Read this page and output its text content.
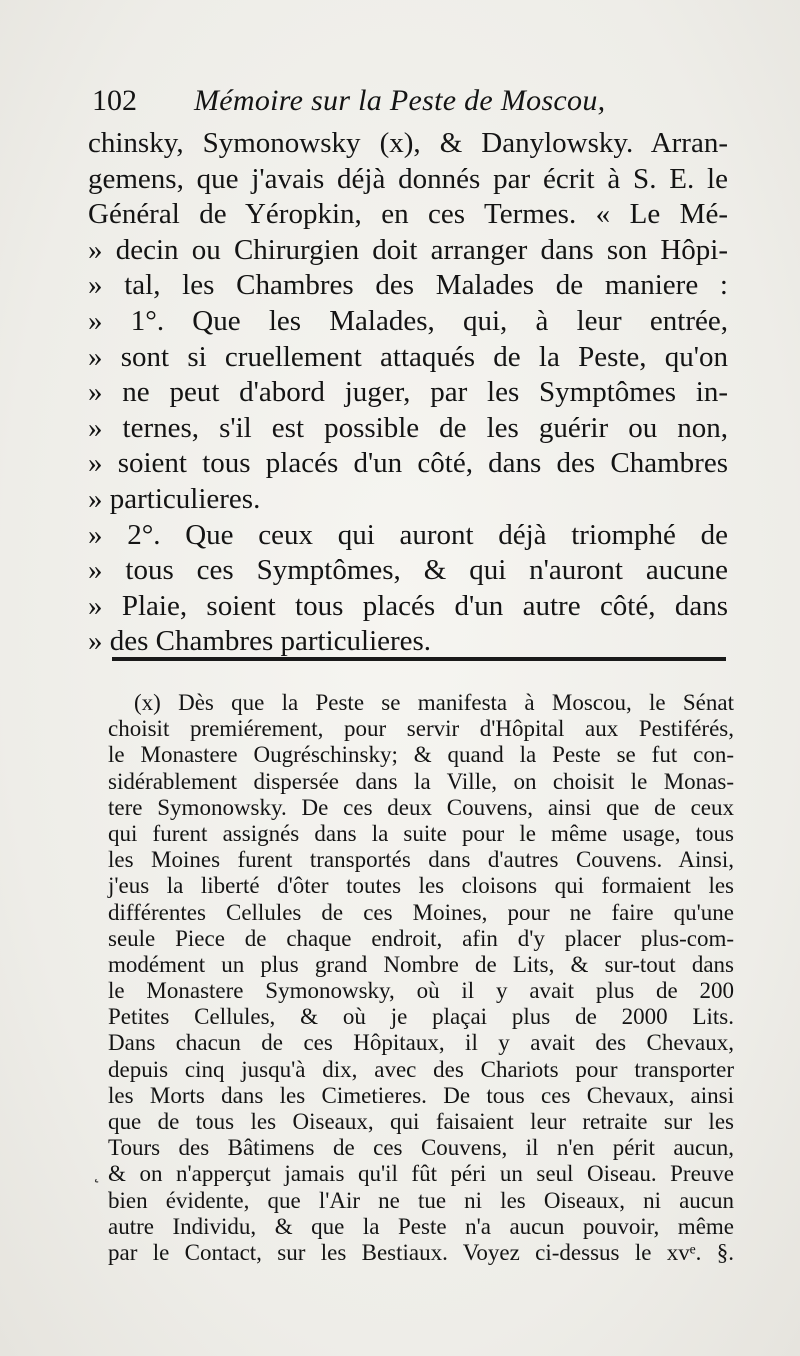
102 Mémoire sur la Peste de Moscou,
chinsky, Symonowsky (x), & Danylowsky. Arran-
gemens, que j'avais déjà donnés par écrit à S. E. le
Général de Yéropkin, en ces Termes. « Le Mé-
» decin ou Chirurgien doit arranger dans son Hôpi-
» tal, les Chambres des Malades de maniere :
» 1°. Que les Malades, qui, à leur entrée,
» sont si cruellement attaqués de la Peste, qu'on
» ne peut d'abord juger, par les Symptômes in-
» ternes, s'il est possible de les guérir ou non,
» soient tous placés d'un côté, dans des Chambres
» particulieres.
» 2°. Que ceux qui auront déjà triomphé de
» tous ces Symptômes, & qui n'auront aucune
» Plaie, soient tous placés d'un autre côté, dans
» des Chambres particulieres.
(x) Dès que la Peste se manifesta à Moscou, le Sénat
choisit premiérement, pour servir d'Hôpital aux Pestiférés,
le Monastere Ougréschinsky; & quand la Peste se fut con-
sidérablement dispersée dans la Ville, on choisit le Monas-
tere Symonowsky. De ces deux Couvens, ainsi que de ceux
qui furent assignés dans la suite pour le même usage, tous
les Moines furent transportés dans d'autres Couvens. Ainsi,
j'eus la liberté d'ôter toutes les cloisons qui formaient les
différentes Cellules de ces Moines, pour ne faire qu'une
seule Piece de chaque endroit, afin d'y placer plus-com-
modément un plus grand Nombre de Lits, & sur-tout dans
le Monastere Symonowsky, où il y avait plus de 200
Petites Cellules, & où je plaçai plus de 2000 Lits.
Dans chacun de ces Hôpitaux, il y avait des Chevaux,
depuis cinq jusqu'à dix, avec des Chariots pour transporter
les Morts dans les Cimetieres. De tous ces Chevaux, ainsi
que de tous les Oiseaux, qui faisaient leur retraite sur les
Tours des Bâtimens de ces Couvens, il n'en périt aucun,
& on n'apperçut jamais qu'il fût péri un seul Oiseau. Preuve
bien évidente, que l'Air ne tue ni les Oiseaux, ni aucun
autre Individu, & que la Peste n'a aucun pouvoir, même
par le Contact, sur les Bestiaux. Voyez ci-dessus le xvᵉ. §.
˛
